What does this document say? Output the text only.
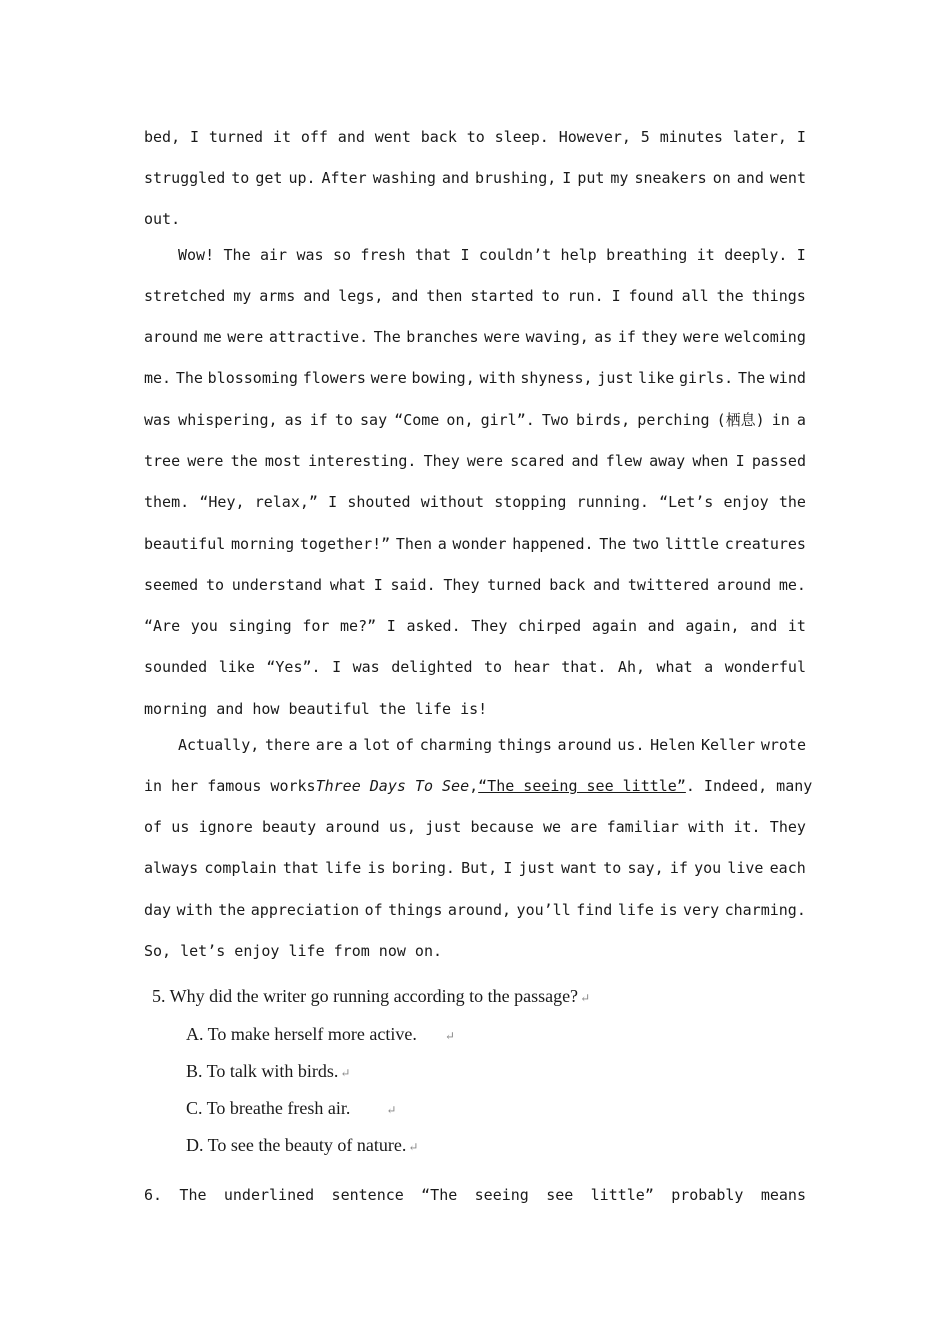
bed, I turned it off and went back to sleep. However, 5 minutes later, I
struggled to get up. After washing and brushing, I put my sneakers on and went
out.
Wow! The air was so fresh that I couldn’t help breathing it deeply. I
stretched my arms and legs, and then started to run. I found all the things
around me were attractive. The branches were waving, as if they were welcoming
me. The blossoming flowers were bowing, with shyness, just like girls. The wind
was whispering, as if to say “Come on, girl”. Two birds, perching (栖息) in a
tree were the most interesting. They were scared and flew away when I passed
them. “Hey, relax,” I shouted without stopping running. “Let’s enjoy the
beautiful morning together!” Then a wonder happened. The two little creatures
seemed to understand what I said. They turned back and twittered around me.
“Are you singing for me?” I asked. They chirped again and again, and it
sounded like “Yes”. I was delighted to hear that. Ah, what a wonderful
morning and how beautiful the life is!
Actually, there are a lot of charming things around us. Helen Keller wrote
in her famous works Three Days To See, “The seeing see little” . Indeed, many
of us ignore beauty around us, just because we are familiar with it. They
always complain that life is boring. But, I just want to say, if you live each
day with the appreciation of things around, you’ll find life is very charming.
So, let’s enjoy life from now on.
5. Why did the writer go running according to the passage? ↵
A. To make herself more active. ↵
B. To talk with birds. ↵
C. To breathe fresh air.	↵
D. To see the beauty of nature. ↵
6. The underlined sentence “The seeing see little” probably means
